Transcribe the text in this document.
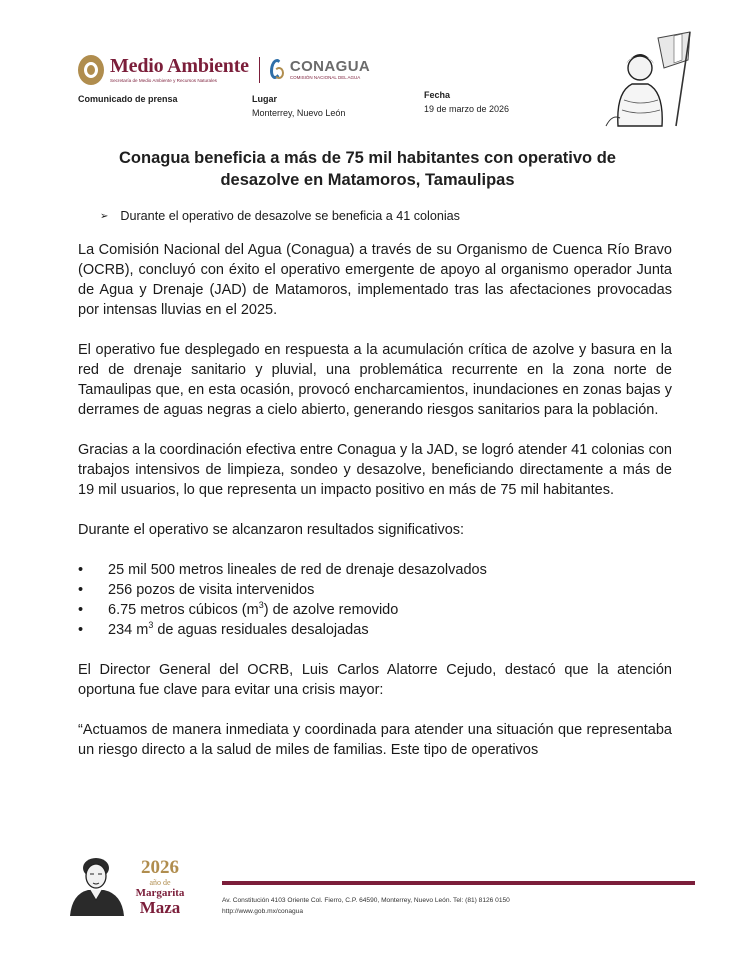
Medio Ambiente
Secretaría de Medio Ambiente y Recursos Naturales
CONAGUA
COMISIÓN NACIONAL DEL AGUA
Comunicado de prensa	Lugar
Monterrey, Nuevo León
Fecha
19 de marzo de 2026
Conagua beneficia a más de 75 mil habitantes con operativo de desazolve en Matamoros, Tamaulipas
➢ Durante el operativo de desazolve se beneficia a 41 colonias

La Comisión Nacional del Agua (Conagua) a través de su Organismo de Cuenca Río Bravo (OCRB), concluyó con éxito el operativo emergente de apoyo al organismo operador Junta de Agua y Drenaje (JAD) de Matamoros, implementado tras las afectaciones provocadas por intensas lluvias en el 2025.

El operativo fue desplegado en respuesta a la acumulación crítica de azolve y basura en la red de drenaje sanitario y pluvial, una problemática recurrente en la zona norte de Tamaulipas que, en esta ocasión, provocó encharcamientos, inundaciones en zonas bajas y derrames de aguas negras a cielo abierto, generando riesgos sanitarios para la población.

Gracias a la coordinación efectiva entre Conagua y la JAD, se logró atender 41 colonias con trabajos intensivos de limpieza, sondeo y desazolve, beneficiando directamente a más de 19 mil usuarios, lo que representa un impacto positivo en más de 75 mil habitantes.

Durante el operativo se alcanzaron resultados significativos:

•	25 mil 500 metros lineales de red de drenaje desazolvados
•	256 pozos de visita intervenidos
•	6.75 metros cúbicos $(m^3)$ de azolve removido
•	234 $m^3$ de aguas residuales desalojadas

El Director General del OCRB, Luis Carlos Alatorre Cejudo, destacó que la atención oportuna fue clave para evitar una crisis mayor:

“Actuamos de manera inmediata y coordinada para atender una situación que representaba un riesgo directo a la salud de miles de familias. Este tipo de operativos

2026
año de
Margarita
Maza	Av. Constitución 4103 Oriente Col. Fierro, C.P. 64590, Monterrey, Nuevo León. Tel: (81) 8126 0150
http://www.gob.mx/conagua
